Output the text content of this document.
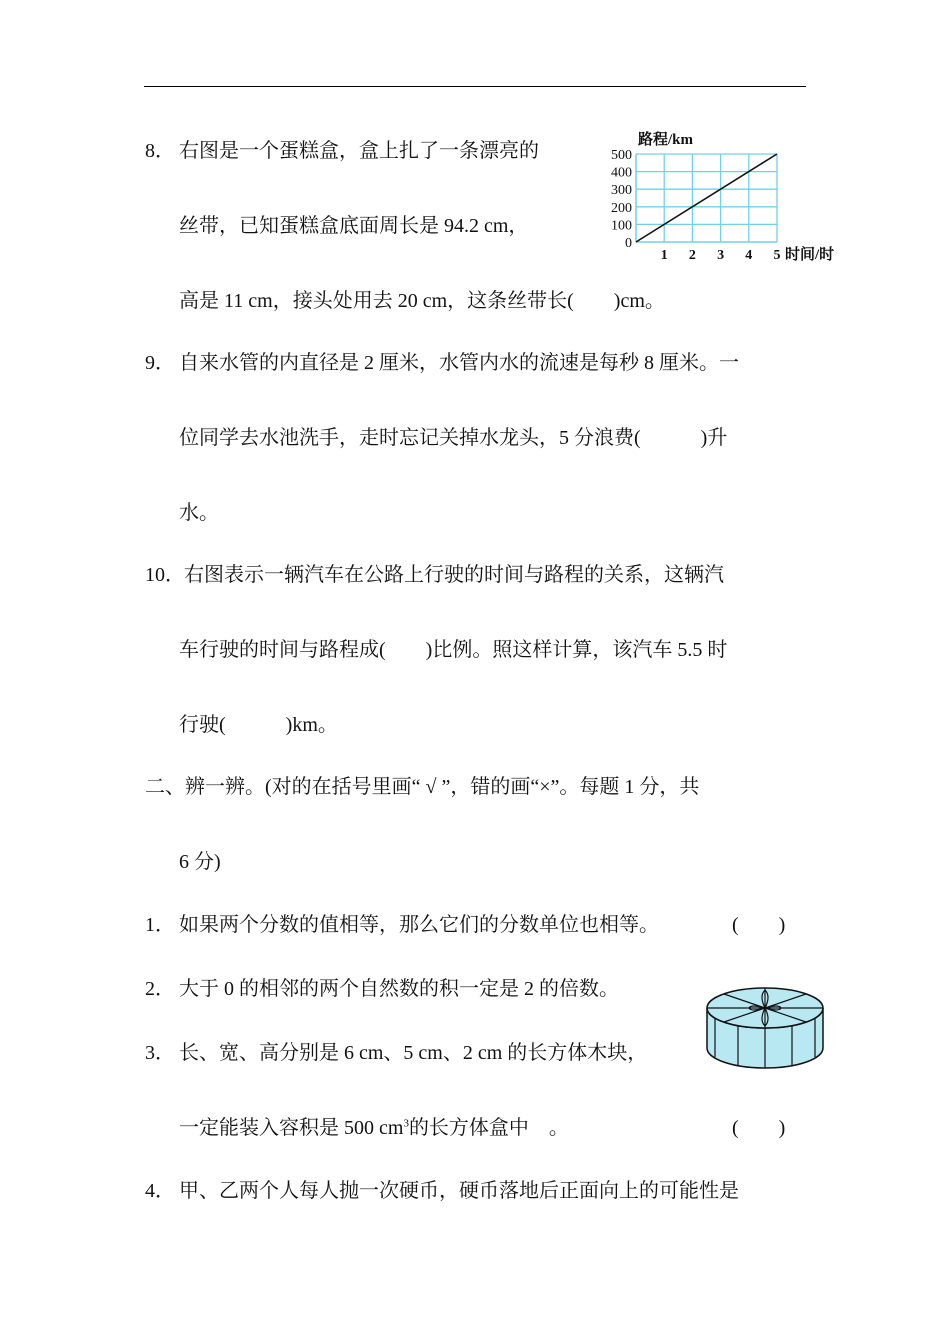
8． 右图是一个蛋糕盒，盒上扎了一条漂亮的
丝带，已知蛋糕盒底面周长是 94.2 cm，
高是 11 cm，接头处用去 20 cm，这条丝带长(　　)cm。
路程/km
0
100
200
300
400
500
1 2 3 4 5 时间/时
9． 自来水管的内直径是 2 厘米，水管内水的流速是每秒 8 厘米。一
位同学去水池洗手，走时忘记关掉水龙头，5 分浪费(　　　)升
水。
10． 右图表示一辆汽车在公路上行驶的时间与路程的关系，这辆汽
车行驶的时间与路程成(　　)比例。照这样计算，该汽车 5.5 时
行驶(　　　)km。
二、辨一辨。(对的在括号里画“ √ ”，错的画“×”。每题 1 分，共
6 分)
1． 如果两个分数的值相等，那么它们的分数单位也相等。	(　　)
2． 大于 0 的相邻的两个自然数的积一定是 2 的倍数。
3． 长、宽、高分别是 6 cm、5 cm、2 cm 的长方体木块，
一定能装入容积是 500 $cm^3$的长方体盒中　。	(　　)
4． 甲、乙两个人每人抛一次硬币，硬币落地后正面向上的可能性是
